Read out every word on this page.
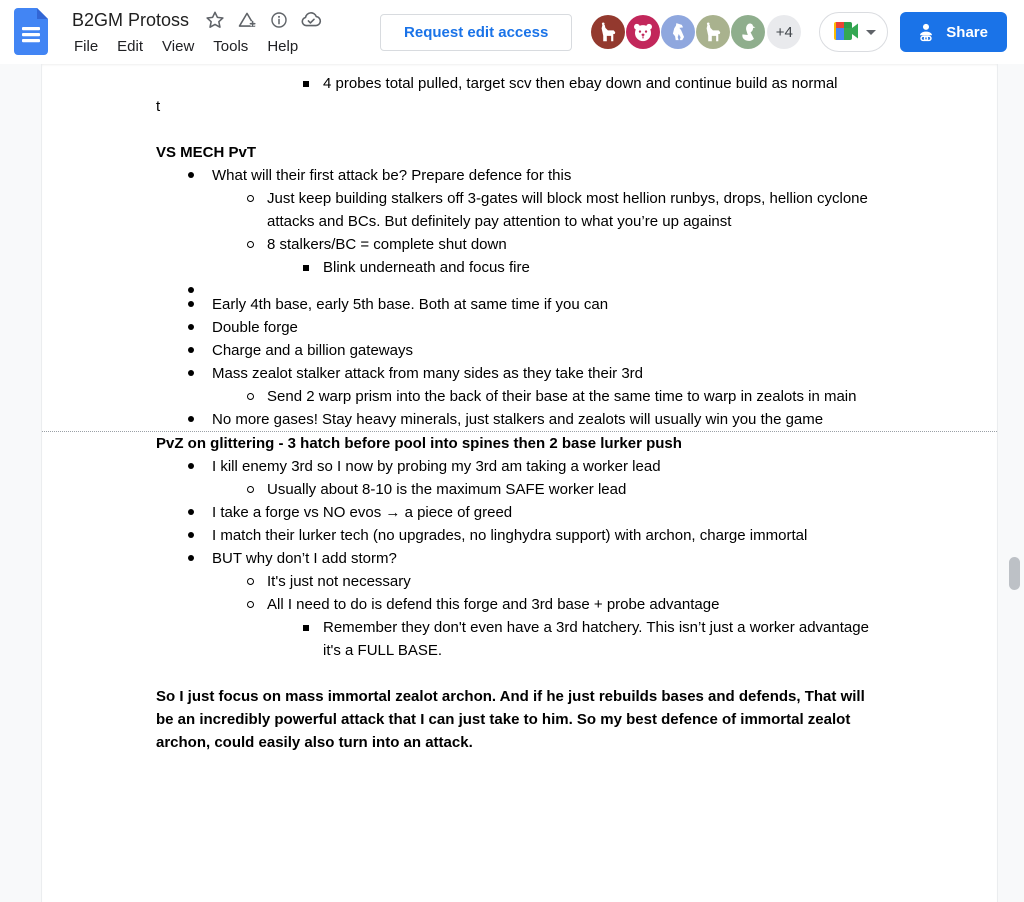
B2GM Protoss
File Edit View Tools Help
Request edit access	+4	Share
4 probes total pulled, target scv then ebay down and continue build as normal
t
VS MECH PvT
What will their first attack be? Prepare defence for this
Just keep building stalkers off 3-gates will block most hellion runbys, drops, hellion cyclone attacks and BCs. But definitely pay attention to what you’re up against
8 stalkers/BC = complete shut down
Blink underneath and focus fire
Early 4th base, early 5th base. Both at same time if you can
Double forge
Charge and a billion gateways
Mass zealot stalker attack from many sides as they take their 3rd
Send 2 warp prism into the back of their base at the same time to warp in zealots in main
No more gases! Stay heavy minerals, just stalkers and zealots will usually win you the game
PvZ on glittering - 3 hatch before pool into spines then 2 base lurker push
I kill enemy 3rd so I now by probing my 3rd am taking a worker lead
Usually about 8-10 is the maximum SAFE worker lead
I take a forge vs NO evos → a piece of greed
I match their lurker tech (no upgrades, no linghydra support) with archon, charge immortal
BUT why don’t I add storm?
It's just not necessary
All I need to do is defend this forge and 3rd base + probe advantage
Remember they don't even have a 3rd hatchery. This isn’t just a worker advantage it's a FULL BASE.
So I just focus on mass immortal zealot archon. And if he just rebuilds bases and defends, That will be an incredibly powerful attack that I can just take to him. So my best defence of immortal zealot archon, could easily also turn into an attack.
